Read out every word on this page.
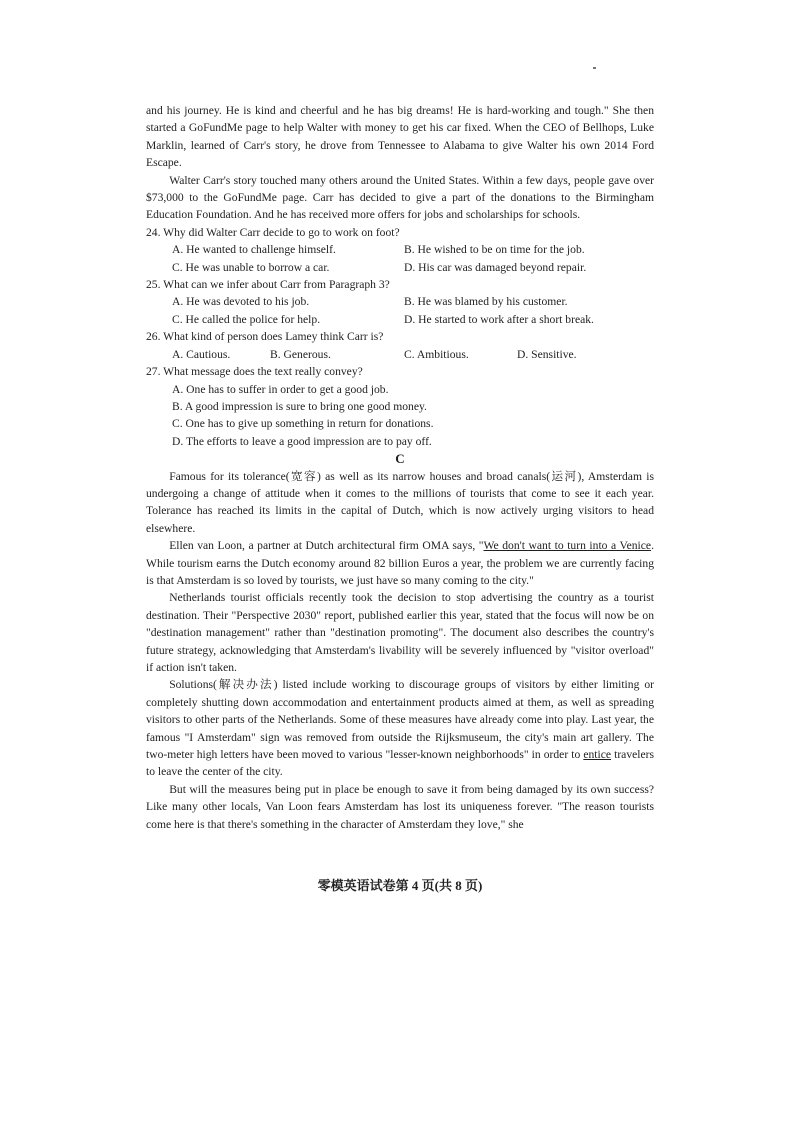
and his journey. He is kind and cheerful and he has big dreams! He is hard-working and tough." She then started a GoFundMe page to help Walter with money to get his car fixed. When the CEO of Bellhops, Luke Marklin, learned of Carr's story, he drove from Tennessee to Alabama to give Walter his own 2014 Ford Escape.

Walter Carr's story touched many others around the United States. Within a few days, people gave over $73,000 to the GoFundMe page. Carr has decided to give a part of the donations to the Birmingham Education Foundation. And he has received more offers for jobs and scholarships for schools.

24. Why did Walter Carr decide to go to work on foot?

A. He wanted to challenge himself.	B. He wished to be on time for the job.
C. He was unable to borrow a car.	D. His car was damaged beyond repair.

25. What can we infer about Carr from Paragraph 3?

A. He was devoted to his job.	B. He was blamed by his customer.
C. He called the police for help.	D. He started to work after a short break.

26. What kind of person does Lamey think Carr is?

A. Cautious.	B. Generous.	C. Ambitious.	D. Sensitive.

27. What message does the text really convey?

A. One has to suffer in order to get a good job.
B. A good impression is sure to bring one good money.
C. One has to give up something in return for donations.
D. The efforts to leave a good impression are to pay off.
C

Famous for its tolerance(宽容) as well as its narrow houses and broad canals(运河), Amsterdam is undergoing a change of attitude when it comes to the millions of tourists that come to see it each year. Tolerance has reached its limits in the capital of Dutch, which is now actively urging visitors to head elsewhere.

Ellen van Loon, a partner at Dutch architectural firm OMA says, "We don't want to turn into a Venice. While tourism earns the Dutch economy around 82 billion Euros a year, the problem we are currently facing is that Amsterdam is so loved by tourists, we just have so many coming to the city."

Netherlands tourist officials recently took the decision to stop advertising the country as a tourist destination. Their "Perspective 2030" report, published earlier this year, stated that the focus will now be on "destination management" rather than "destination promoting". The document also describes the country's future strategy, acknowledging that Amsterdam's livability will be severely influenced by "visitor overload" if action isn't taken.

Solutions(解决办法) listed include working to discourage groups of visitors by either limiting or completely shutting down accommodation and entertainment products aimed at them, as well as spreading visitors to other parts of the Netherlands. Some of these measures have already come into play. Last year, the famous "I Amsterdam" sign was removed from outside the Rijksmuseum, the city's main art gallery. The two-meter high letters have been moved to various "lesser-known neighborhoods" in order to entice travelers to leave the center of the city.

But will the measures being put in place be enough to save it from being damaged by its own success? Like many other locals, Van Loon fears Amsterdam has lost its uniqueness forever. "The reason tourists come here is that there's something in the character of Amsterdam they love," she

零模英语试卷第 4 页(共 8 页)
